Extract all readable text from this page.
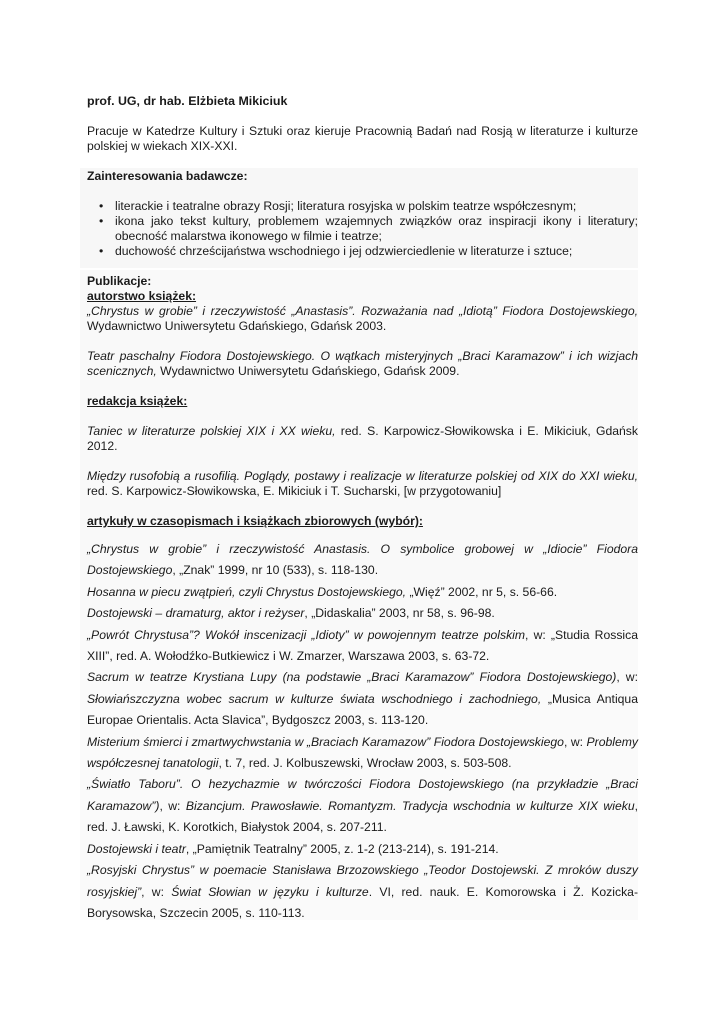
prof. UG, dr hab. Elżbieta Mikiciuk

Pracuje w Katedrze Kultury i Sztuki oraz kieruje Pracownią Badań nad Rosją w literaturze i kulturze polskiej w wiekach XIX-XXI.

Zainteresowania badawcze:

• literackie i teatralne obrazy Rosji; literatura rosyjska w polskim teatrze współczesnym;
• ikona jako tekst kultury, problemem wzajemnych związków oraz inspiracji ikony i literatury; obecność malarstwa ikonowego w filmie i teatrze;
• duchowość chrześcijaństwa wschodniego i jej odzwierciedlenie w literaturze i sztuce;

Publikacje:

autorstwo książek:

„Chrystus w grobie” i rzeczywistość „Anastasis”. Rozważania nad „Idiotą” Fiodora Dostojewskiego, Wydawnictwo Uniwersytetu Gdańskiego, Gdańsk 2003.

Teatr paschalny Fiodora Dostojewskiego. O wątkach misteryjnych „Braci Karamazow” i ich wizjach scenicznych, Wydawnictwo Uniwersytetu Gdańskiego, Gdańsk 2009.

redakcja książek:

Taniec w literaturze polskiej XIX i XX wieku, red. S. Karpowicz-Słowikowska i E. Mikiciuk, Gdańsk 2012.

Między rusofobią a rusofilią. Poglądy, postawy i realizacje w literaturze polskiej od XIX do XXI wieku, red. S. Karpowicz-Słowikowska, E. Mikiciuk i T. Sucharski, [w przygotowaniu]

artykuły w czasopismach i książkach zbiorowych (wybór):

„Chrystus w grobie” i rzeczywistość Anastasis. O symbolice grobowej w „Idiocie” Fiodora Dostojewskiego, „Znak” 1999, nr 10 (533), s. 118-130.

Hosanna w piecu zwątpień, czyli Chrystus Dostojewskiego, „Więź” 2002, nr 5, s. 56-66.

Dostojewski – dramaturg, aktor i reżyser, „Didaskalia” 2003, nr 58, s. 96-98.

„Powrót Chrystusa”? Wokół inscenizacji „Idioty” w powojennym teatrze polskim, w: „Studia Rossica XIII”, red. A. Wołodźko-Butkiewicz i W. Zmarzer, Warszawa 2003, s. 63-72.

Sacrum w teatrze Krystiana Lupy (na podstawie „Braci Karamazow” Fiodora Dostojewskiego), w: Słowiańszczyzna wobec sacrum w kulturze świata wschodniego i zachodniego, „Musica Antiqua Europae Orientalis. Acta Slavica”, Bydgoszcz 2003, s. 113-120.

Misterium śmierci i zmartwychwstania w „Braciach Karamazow” Fiodora Dostojewskiego, w: Problemy współczesnej tanatologii, t. 7, red. J. Kolbuszewski, Wrocław 2003, s. 503-508.

„Światło Taboru”. O hezychazmie w twórczości Fiodora Dostojewskiego (na przykładzie „Braci Karamazow”), w: Bizancjum. Prawosławie. Romantyzm. Tradycja wschodnia w kulturze XIX wieku, red. J. Ławski, K. Korotkich, Białystok 2004, s. 207-211.

Dostojewski i teatr, „Pamiętnik Teatralny” 2005, z. 1-2 (213-214), s. 191-214.

„Rosyjski Chrystus” w poemacie Stanisława Brzozowskiego „Teodor Dostojewski. Z mroków duszy rosyjskiej”, w: Świat Słowian w języku i kulturze. VI, red. nauk. E. Komorowska i Ż. Kozicka-Borysowska, Szczecin 2005, s. 110-113.
